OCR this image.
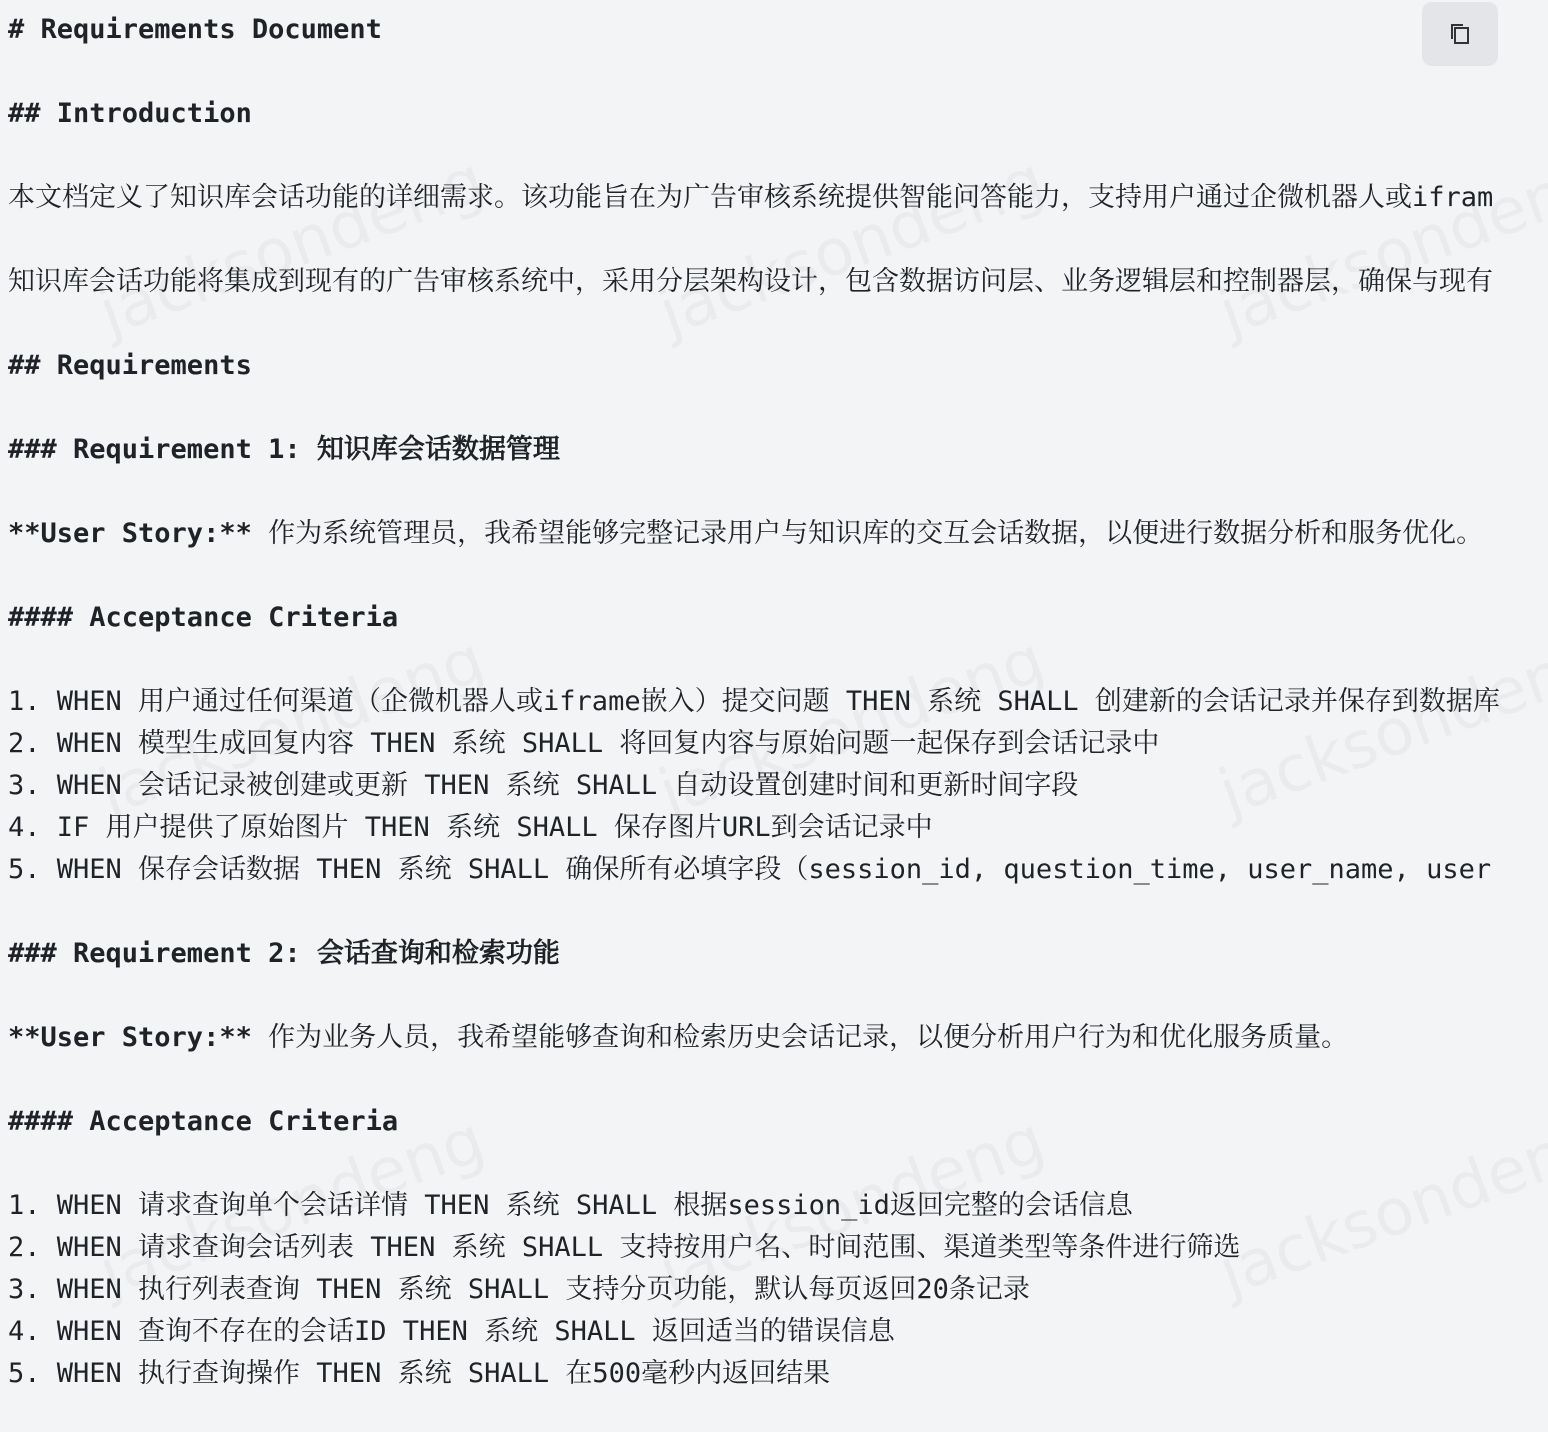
# Requirements Document

## Introduction

本文档定义了知识库会话功能的详细需求。该功能旨在为广告审核系统提供智能问答能力，支持用户通过企微机器人或ifram

知识库会话功能将集成到现有的广告审核系统中，采用分层架构设计，包含数据访问层、业务逻辑层和控制器层，确保与现有

## Requirements

### Requirement 1: 知识库会话数据管理

**User Story:** 作为系统管理员，我希望能够完整记录用户与知识库的交互会话数据，以便进行数据分析和服务优化。

#### Acceptance Criteria

1. WHEN 用户通过任何渠道（企微机器人或iframe嵌入）提交问题 THEN 系统 SHALL 创建新的会话记录并保存到数据库

2. WHEN 模型生成回复内容 THEN 系统 SHALL 将回复内容与原始问题一起保存到会话记录中

3. WHEN 会话记录被创建或更新 THEN 系统 SHALL 自动设置创建时间和更新时间字段

4. IF 用户提供了原始图片 THEN 系统 SHALL 保存图片URL到会话记录中

5. WHEN 保存会话数据 THEN 系统 SHALL 确保所有必填字段（session_id, question_time, user_name, user

### Requirement 2: 会话查询和检索功能

**User Story:** 作为业务人员，我希望能够查询和检索历史会话记录，以便分析用户行为和优化服务质量。

#### Acceptance Criteria

1. WHEN 请求查询单个会话详情 THEN 系统 SHALL 根据session_id返回完整的会话信息

2. WHEN 请求查询会话列表 THEN 系统 SHALL 支持按用户名、时间范围、渠道类型等条件进行筛选

3. WHEN 执行列表查询 THEN 系统 SHALL 支持分页功能，默认每页返回20条记录

4. WHEN 查询不存在的会话ID THEN 系统 SHALL 返回适当的错误信息

5. WHEN 执行查询操作 THEN 系统 SHALL 在500毫秒内返回结果
